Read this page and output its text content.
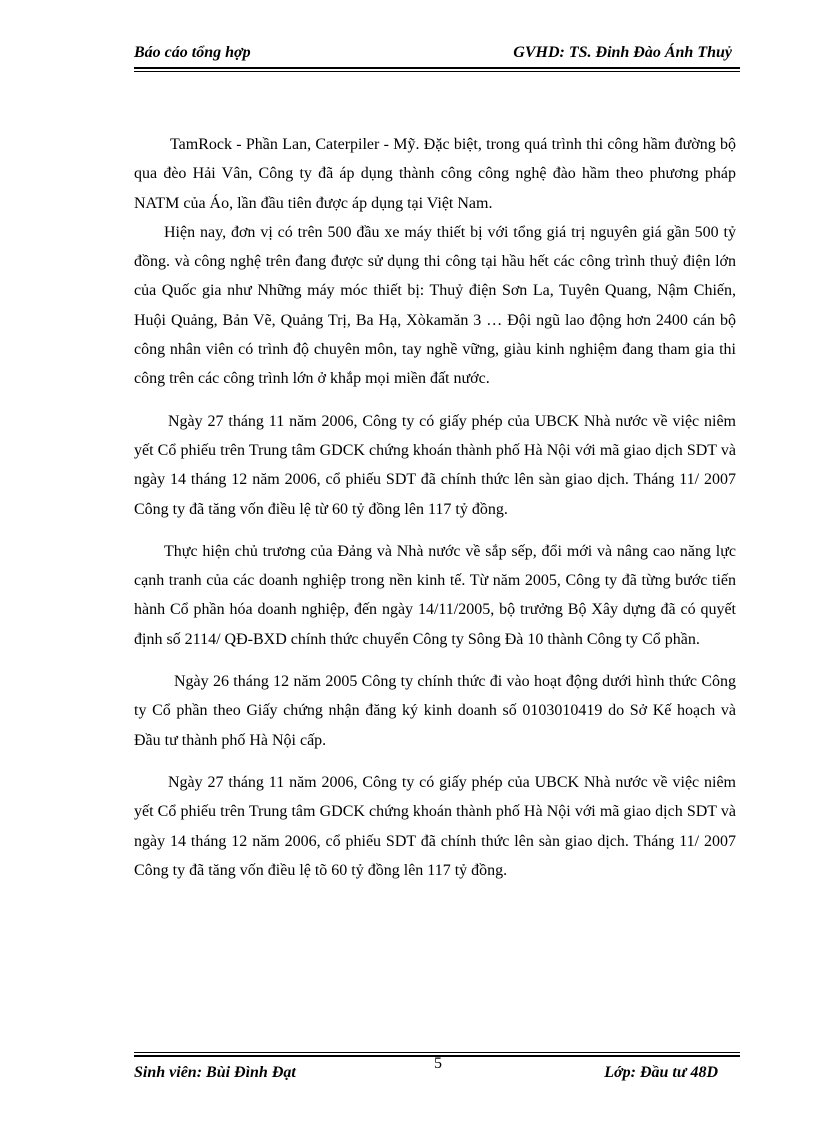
Báo cáo tổng hợp	GVHD: TS. Đinh Đào Ánh Thuỷ

TamRock - Phần Lan, Caterpiler - Mỹ. Đặc biệt, trong quá trình thi công hầm đường bộ qua đèo Hải Vân, Công ty đã áp dụng thành công công nghệ đào hầm theo phương pháp NATM của Áo, lần đầu tiên được áp dụng tại Việt Nam.

Hiện nay, đơn vị có trên 500 đầu xe máy thiết bị với tổng giá trị nguyên giá gần 500 tỷ đồng. và công nghệ trên đang được sử dụng thi công tại hầu hết các công trình thuỷ điện lớn của Quốc gia như Những máy móc thiết bị: Thuỷ điện Sơn La, Tuyên Quang, Nậm Chiến, Huội Quảng, Bản Vẽ, Quảng Trị, Ba Hạ, Xòkamăn 3 … Đội ngũ lao động hơn 2400 cán bộ công nhân viên có trình độ chuyên môn, tay nghề vững, giàu kinh nghiệm đang tham gia thi công trên các công trình lớn ở khắp mọi miền đất nước.

Ngày 27 tháng 11 năm 2006, Công ty có giấy phép của UBCK Nhà nước về việc niêm yết Cổ phiếu trên Trung tâm GDCK chứng khoán thành phố Hà Nội với mã giao dịch SDT và ngày 14 tháng 12 năm 2006, cổ phiếu SDT đã chính thức lên sàn giao dịch. Tháng 11/ 2007 Công ty đã tăng vốn điều lệ từ 60 tỷ đồng lên 117 tỷ đồng.

Thực hiện chủ trương của Đảng và Nhà nước về sắp sếp, đổi mới và nâng cao năng lực cạnh tranh của các doanh nghiệp trong nền kinh tế. Từ năm 2005, Công ty đã từng bước tiến hành Cổ phần hóa doanh nghiệp, đến ngày 14/11/2005, bộ trưởng Bộ Xây dựng đã có quyết định số 2114/ QĐ-BXD chính thức chuyển Công ty Sông Đà 10 thành Công ty Cổ phần.

Ngày 26 tháng 12 năm 2005 Công ty chính thức đi vào hoạt động dưới hình thức Công ty Cổ phần theo Giấy chứng nhận đăng ký kinh doanh số 0103010419 do Sở Kế hoạch và Đầu tư thành phố Hà Nội cấp.

Ngày 27 tháng 11 năm 2006, Công ty có giấy phép của UBCK Nhà nước về việc niêm yết Cổ phiếu trên Trung tâm GDCK chứng khoán thành phố Hà Nội với mã giao dịch SDT và ngày 14 tháng 12 năm 2006, cổ phiếu SDT đã chính thức lên sàn giao dịch. Tháng 11/ 2007 Công ty đã tăng vốn điều lệ tõ 60 tỷ đồng lên 117 tỷ đồng.

Sinh viên: Bùi Đình Đạt
5
Lớp: Đầu tư 48D
